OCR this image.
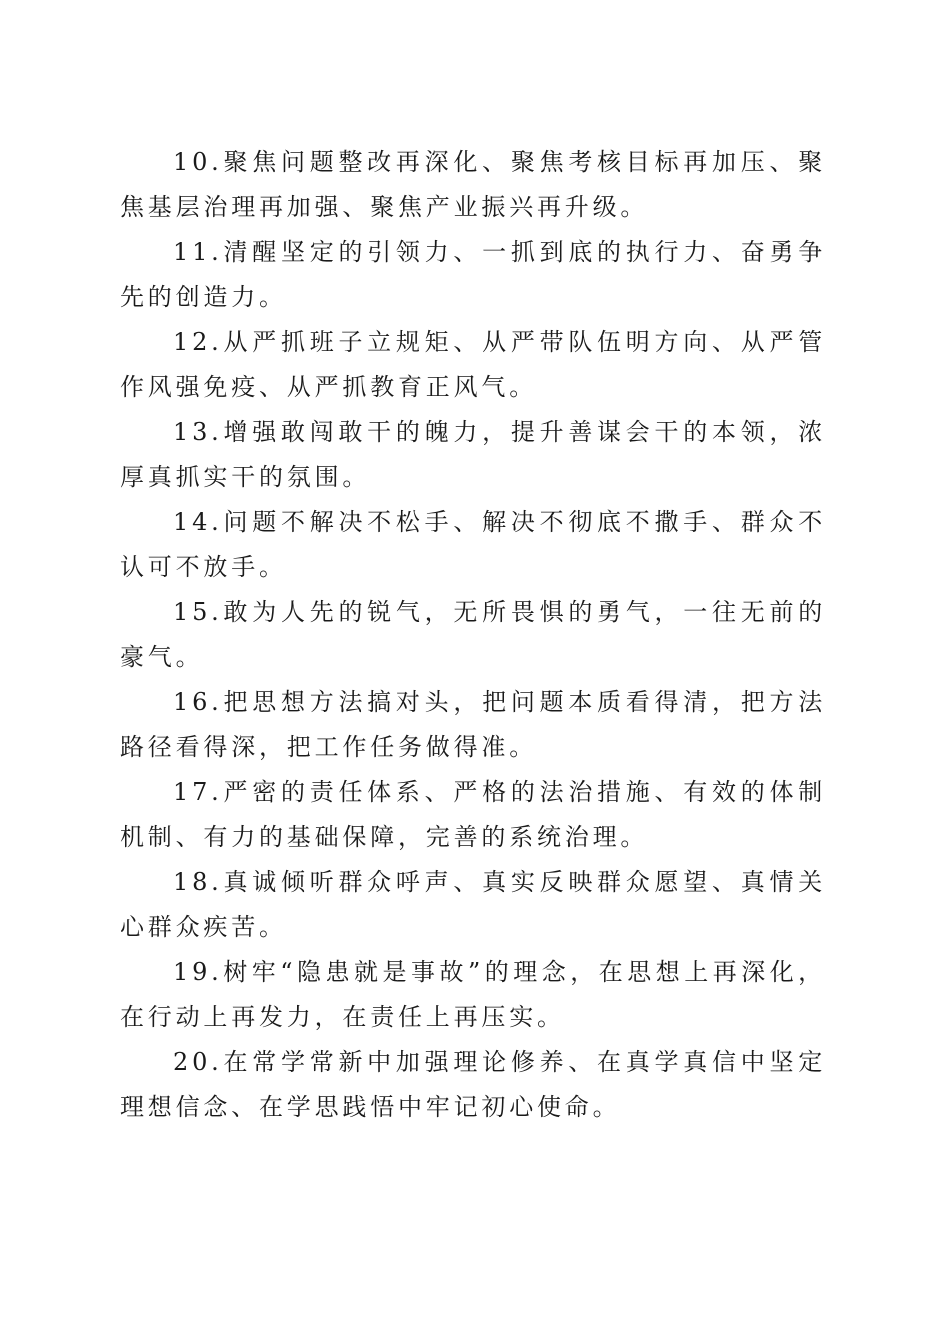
10.聚焦问题整改再深化、聚焦考核目标再加压、聚焦基层治理再加强、聚焦产业振兴再升级。

11.清醒坚定的引领力、一抓到底的执行力、奋勇争先的创造力。

12.从严抓班子立规矩、从严带队伍明方向、从严管作风强免疫、从严抓教育正风气。

13.增强敢闯敢干的魄力，提升善谋会干的本领，浓厚真抓实干的氛围。

14.问题不解决不松手、解决不彻底不撒手、群众不认可不放手。

15.敢为人先的锐气，无所畏惧的勇气，一往无前的豪气。

16.把思想方法搞对头，把问题本质看得清，把方法路径看得深，把工作任务做得准。

17.严密的责任体系、严格的法治措施、有效的体制机制、有力的基础保障，完善的系统治理。

18.真诚倾听群众呼声、真实反映群众愿望、真情关心群众疾苦。

19.树牢“隐患就是事故”的理念，在思想上再深化，在行动上再发力，在责任上再压实。

20.在常学常新中加强理论修养、在真学真信中坚定理想信念、在学思践悟中牢记初心使命。
